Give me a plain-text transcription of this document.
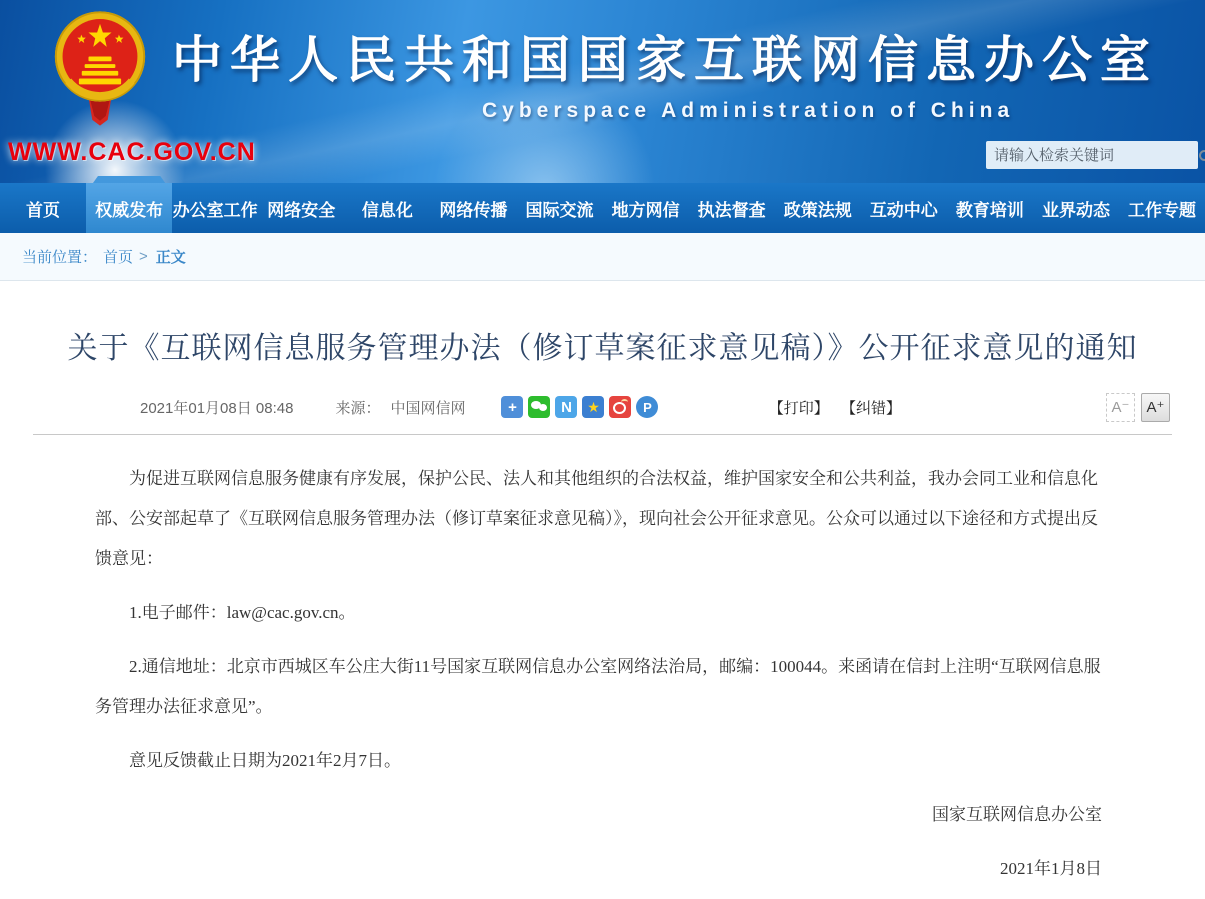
中华人民共和国国家互联网信息办公室
Cyberspace Administration of China
WWW.CAC.GOV.CN
请输入检索关键词
首页	权威发布 办公室工作 网络安全	信息化	网络传播	国际交流	地方网信	执法督查	政策法规	互动中心	教育培训	业界动态	工作专题
当前位置： 首页 > 正文
关于《互联网信息服务管理办法（修订草案征求意见稿）》公开征求意见的通知
2021年01月08日 08:48	来源： 中国网信网	+	N	★	P	【打印】 【纠错】	A⁻	A⁺

为促进互联网信息服务健康有序发展，保护公民、法人和其他组织的合法权益，维护国家安全和公共利益，我办会同工业和信息化部、公安部起草了《互联网信息服务管理办法（修订草案征求意见稿）》，现向社会公开征求意见。公众可以通过以下途径和方式提出反馈意见：

1.电子邮件：law@cac.gov.cn。

2.通信地址：北京市西城区车公庄大街11号国家互联网信息办公室网络法治局，邮编：100044。来函请在信封上注明“互联网信息服务管理办法征求意见”。

意见反馈截止日期为2021年2月7日。

国家互联网信息办公室

2021年1月8日
